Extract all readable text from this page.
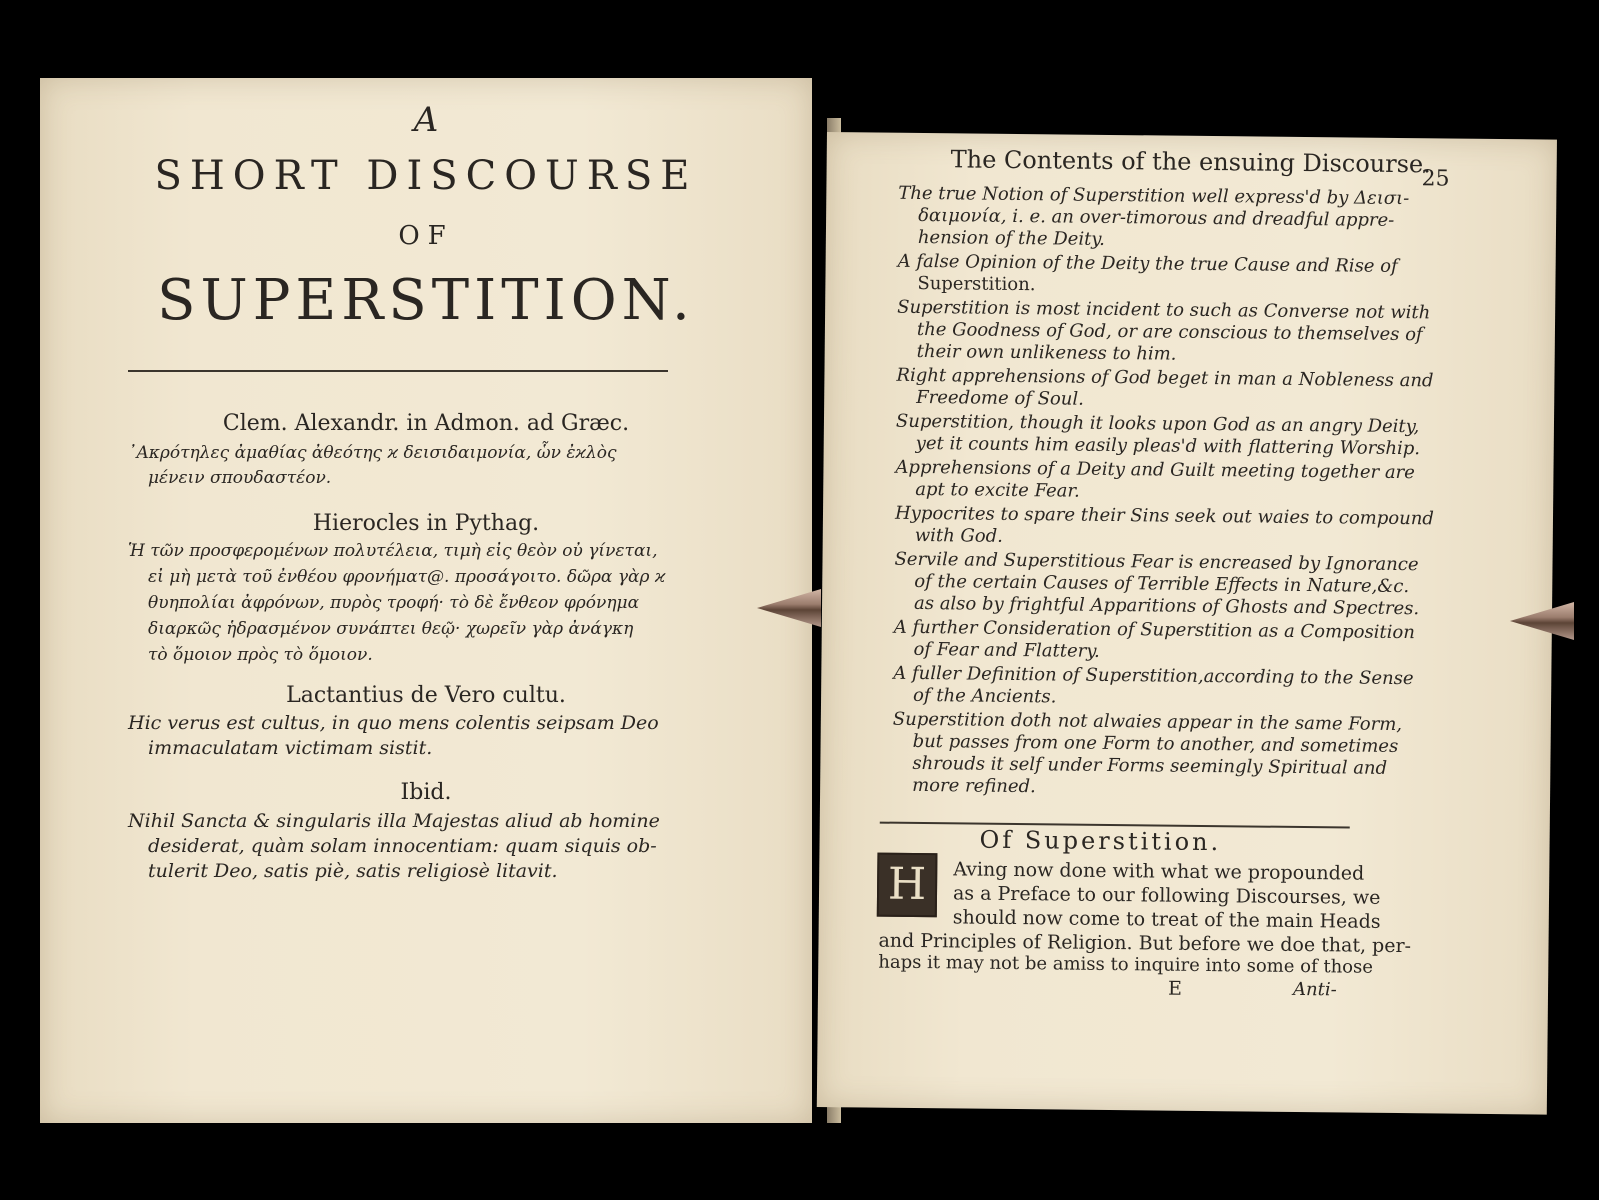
A
SHORT DISCOURSE
OF
SUPERSTITION.
Clem. Alexandr. in Admon. ad Græc.
᾽Ακρότηλες ἀμαθίας ἀθεότης ϰ δεισιδαιμονία, ὧν ἐϰλὸς
μένειν σπουδαστέον.
Hierocles in Pythag.
Ἡ τῶν προσφερομένων πολυτέλεια, τιμὴ εἰς θεὸν οὐ γίνεται,
εἰ μὴ μετὰ τοῦ ἐνθέου φρονήματ@. προσάγοιτο. δῶρα γὰρ ϰ
θυηπολίαι ἀφρόνων, πυρὸς τροφή· τὸ δὲ ἔνθεον φρόνημα
διαρκῶς ἡδρασμένον συνάπτει θεῷ· χωρεῖν γὰρ ἀνάγκη
τὸ ὅμοιον πρὸς τὸ ὅμοιον.
Lactantius de Vero cultu.
Hic verus est cultus, in quo mens colentis seipsam Deo
immaculatam victimam sistit.
Ibid.
Nihil Sancta & singularis illa Majestas aliud ab homine
desiderat, quàm solam innocentiam: quam siquis ob-
tulerit Deo, satis piè, satis religiosè litavit.
The Contents of the ensuing Discourse.
25
The true Notion of Superstition well express'd by Δεισι-
δαιμονία, i. e. an over-timorous and dreadful appre-
hension of the Deity.
A false Opinion of the Deity the true Cause and Rise of
Superstition.
Superstition is most incident to such as Converse not with
the Goodness of God, or are conscious to themselves of
their own unlikeness to him.
Right apprehensions of God beget in man a Nobleness and
Freedome of Soul.
Superstition, though it looks upon God as an angry Deity,
yet it counts him easily pleas'd with flattering Worship.
Apprehensions of a Deity and Guilt meeting together are
apt to excite Fear.
Hypocrites to spare their Sins seek out waies to compound
with God.
Servile and Superstitious Fear is encreased by Ignorance
of the certain Causes of Terrible Effects in Nature,&c.
as also by frightful Apparitions of Ghosts and Spectres.
A further Consideration of Superstition as a Composition
of Fear and Flattery.
A fuller Definition of Superstition,according to the Sense
of the Ancients.
Superstition doth not alwaies appear in the same Form,
but passes from one Form to another, and sometimes
shrouds it self under Forms seemingly Spiritual and
more refined.
Of Superstition.
H	Aving now done with what we propounded
as a Preface to our following Discourses, we
should now come to treat of the main Heads
and Principles of Religion. But before we doe that, per-
haps it may not be amiss to inquire into some of those
E	Anti-
